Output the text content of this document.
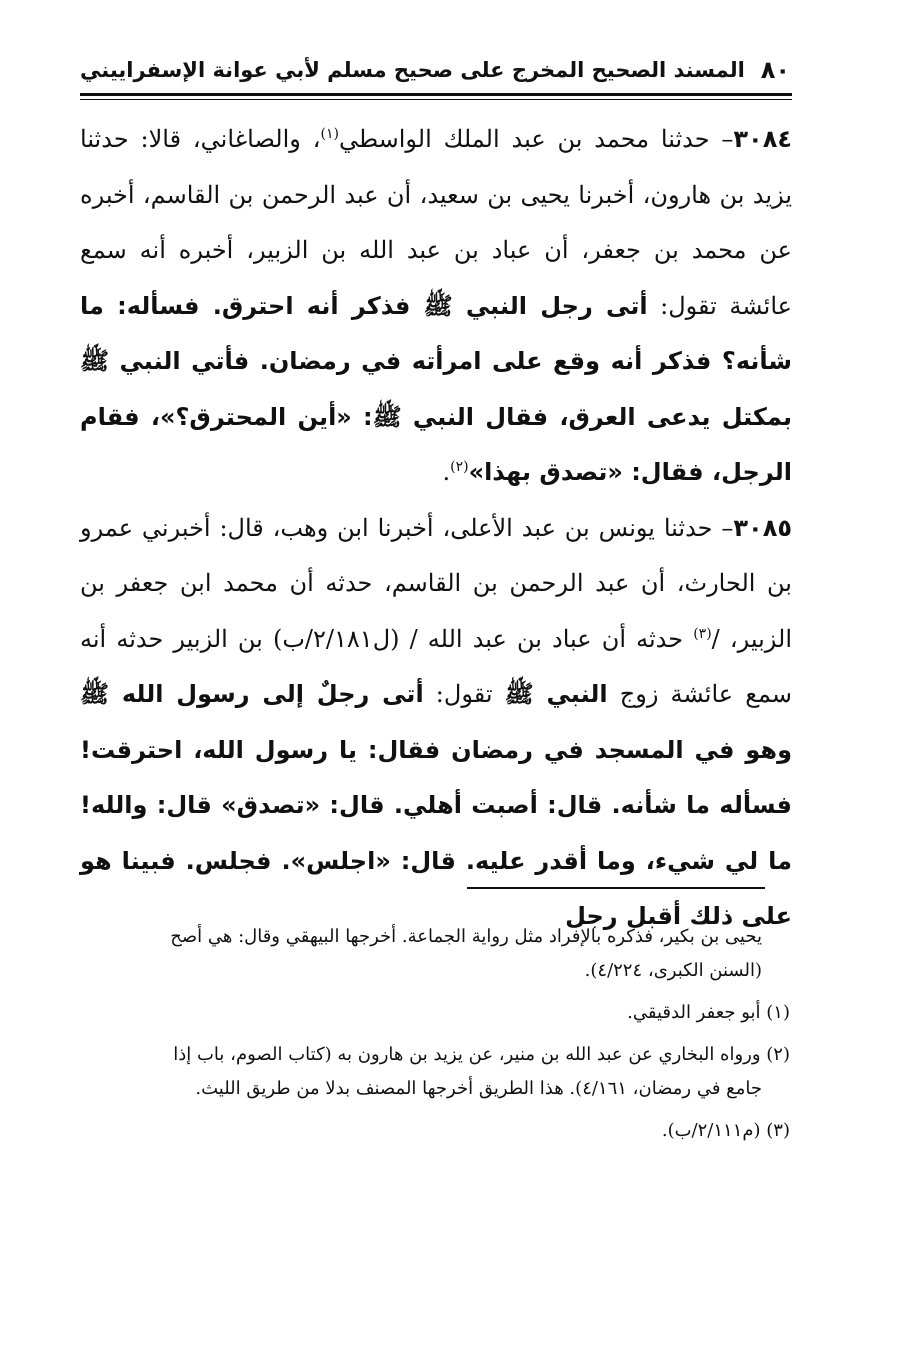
٨٠
المسند الصحيح المخرج على صحيح مسلم لأبي عوانة الإسفراييني

٣٠٨٤– حدثنا محمد بن عبد الملك الواسطي$^{(١)}$، والصاغاني، قالا: حدثنا يزيد بن هارون، أخبرنا يحيى بن سعيد، أن عبد الرحمن بن القاسم، أخبره عن محمد بن جعفر، أن عباد بن عبد الله بن الزبير، أخبره أنه سمع عائشة تقول: أتى رجل النبي ﷺ فذكر أنه احترق. فسأله: ما شأنه؟ فذكر أنه وقع على امرأته في رمضان. فأتي النبي ﷺ بمكتل يدعى العرق، فقال النبي ﷺ: «أين المحترق؟»، فقام الرجل، فقال: «تصدق بهذا»$^{(٢)}$.

٣٠٨٥– حدثنا يونس بن عبد الأعلى، أخبرنا ابن وهب، قال: أخبرني عمرو بن الحارث، أن عبد الرحمن بن القاسم، حدثه أن محمد ابن جعفر بن الزبير، /$^{(٣)}$ حدثه أن عباد بن عبد الله / (ل٢/١٨١/ب) بن الزبير حدثه أنه سمع عائشة زوج النبي ﷺ تقول: أتى رجلٌ إلى رسول الله ﷺ وهو في المسجد في رمضان فقال: يا رسول الله، احترقت! فسأله ما شأنه. قال: أصبت أهلي. قال: «تصدق» قال: والله! ما لي شيء، وما أقدر عليه. قال: «اجلس». فجلس. فبينا هو على ذلك أقبل رجل

يحيى بن بكير، فذكره بالإفراد مثل رواية الجماعة. أخرجها البيهقي وقال: هي أصح
(السنن الكبرى، ٤/٢٢٤).

(١) أبو جعفر الدقيقي.

(٢) ورواه البخاري عن عبد الله بن منير، عن يزيد بن هارون به (كتاب الصوم، باب إذا
جامع في رمضان، ٤/١٦١). هذا الطريق أخرجها المصنف بدلا من طريق الليث.

(٣) (م٢/١١١/ب).
